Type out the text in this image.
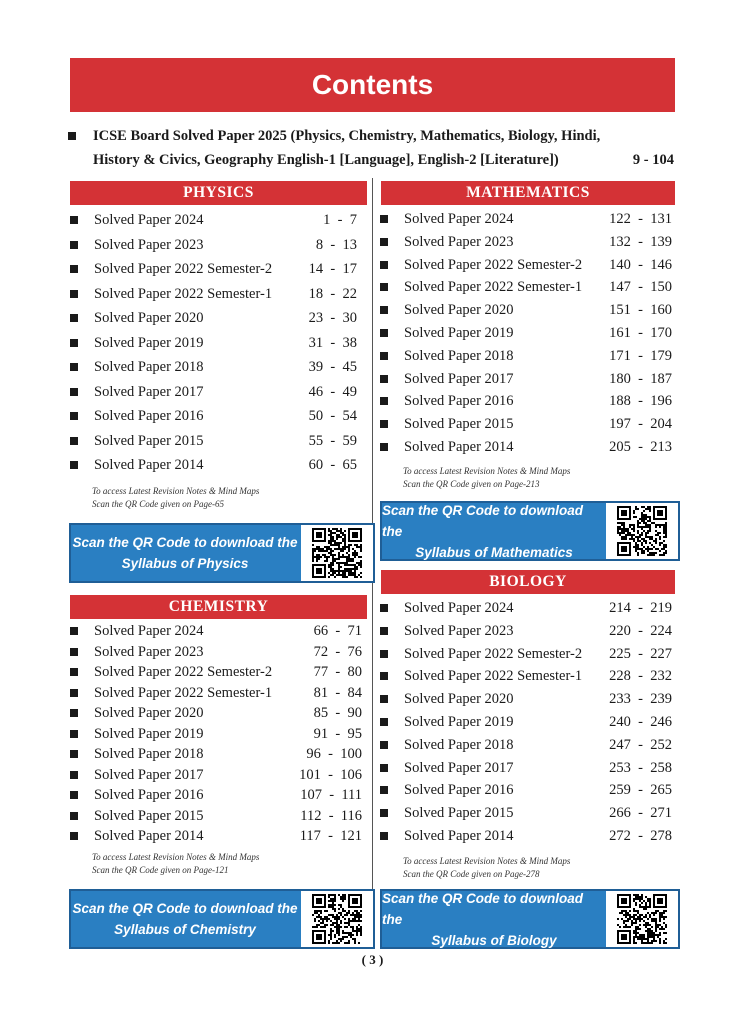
Contents
ICSE Board Solved Paper 2025 (Physics, Chemistry, Mathematics, Biology, Hindi,
History & Civics, Geography English-1 [Language], English-2 [Literature])	9 - 104
PHYSICS
Solved Paper 2024	1  -  7
Solved Paper 2023	8  -  13
Solved Paper 2022 Semester-2	14  -  17
Solved Paper 2022 Semester-1	18  -  22
Solved Paper 2020	23  -  30
Solved Paper 2019	31  -  38
Solved Paper 2018	39  -  45
Solved Paper 2017	46  -  49
Solved Paper 2016	50  -  54
Solved Paper 2015	55  -  59
Solved Paper 2014	60  -  65
To access Latest Revision Notes & Mind Maps
Scan the QR Code given on Page-65
Scan the QR Code to download the
Syllabus of Physics
CHEMISTRY
Solved Paper 2024	66  -  71
Solved Paper 2023	72  -  76
Solved Paper 2022 Semester-2	77  -  80
Solved Paper 2022 Semester-1	81  -  84
Solved Paper 2020	85  -  90
Solved Paper 2019	91  -  95
Solved Paper 2018	96  -  100
Solved Paper 2017	101  -  106
Solved Paper 2016	107  -  111
Solved Paper 2015	112  -  116
Solved Paper 2014	117  -  121
To access Latest Revision Notes & Mind Maps
Scan the QR Code given on Page-121
Scan the QR Code to download the
Syllabus of Chemistry
MATHEMATICS
Solved Paper 2024	122  -  131
Solved Paper 2023	132  -  139
Solved Paper 2022 Semester-2 140  -  146
Solved Paper 2022 Semester-1 147  -  150
Solved Paper 2020	151  -  160
Solved Paper 2019	161  -  170
Solved Paper 2018	171  -  179
Solved Paper 2017	180  -  187
Solved Paper 2016	188  -  196
Solved Paper 2015	197  -  204
Solved Paper 2014	205  -  213
To access Latest Revision Notes & Mind Maps
Scan the QR Code given on Page-213
Scan the QR Code to download the
Syllabus of Mathematics
BIOLOGY
Solved Paper 2024	214  -  219
Solved Paper 2023	220  -  224
Solved Paper 2022 Semester-2 225  -  227
Solved Paper 2022 Semester-1 228  -  232
Solved Paper 2020	233  -  239
Solved Paper 2019	240  -  246
Solved Paper 2018	247  -  252
Solved Paper 2017	253  -  258
Solved Paper 2016	259  -  265
Solved Paper 2015	266  -  271
Solved Paper 2014	272  -  278
To access Latest Revision Notes & Mind Maps
Scan the QR Code given on Page-278
Scan the QR Code to download the
Syllabus of Biology
( 3 )
